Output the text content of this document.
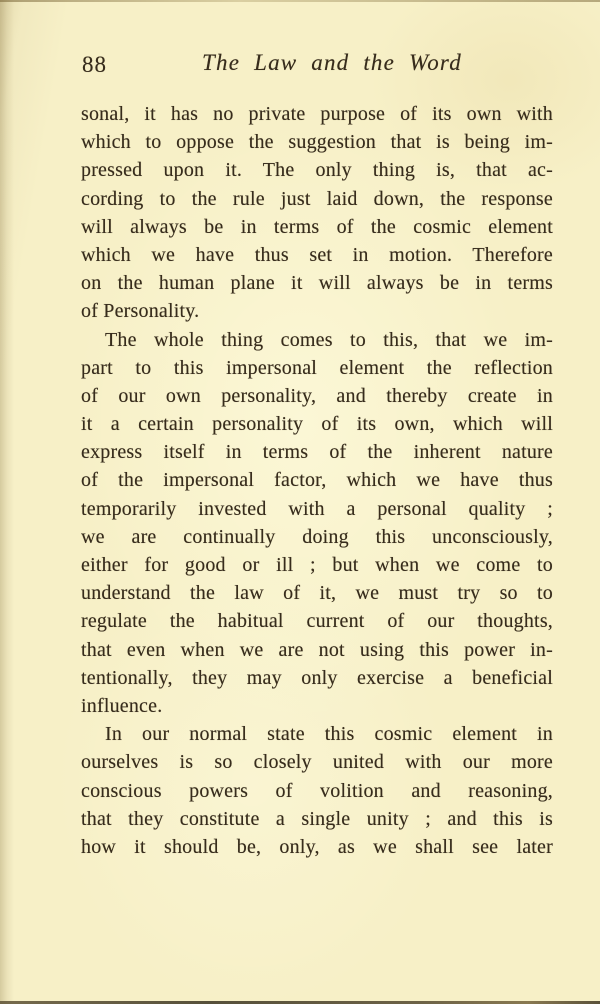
88	The Law and the Word
sonal, it has no private purpose of its own with
which to oppose the suggestion that is being im-
pressed upon it. The only thing is, that ac-
cording to the rule just laid down, the response
will always be in terms of the cosmic element
which we have thus set in motion. Therefore
on the human plane it will always be in terms
of Personality.
The whole thing comes to this, that we im-
part to this impersonal element the reflection
of our own personality, and thereby create in
it a certain personality of its own, which will
express itself in terms of the inherent nature
of the impersonal factor, which we have thus
temporarily invested with a personal quality ;
we are continually doing this unconsciously,
either for good or ill ; but when we come to
understand the law of it, we must try so to
regulate the habitual current of our thoughts,
that even when we are not using this power in-
tentionally, they may only exercise a beneficial
influence.
In our normal state this cosmic element in
ourselves is so closely united with our more
conscious powers of volition and reasoning,
that they constitute a single unity ; and this is
how it should be, only, as we shall see later
